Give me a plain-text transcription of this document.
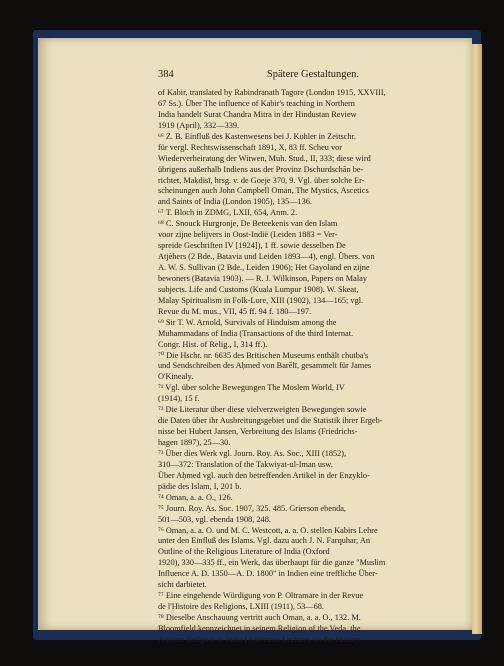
384	Spätere Gestaltungen.
of Kabir, translated by Rabindranath Tagore (London 1915, XXVIII,
67 Ss.). Über The influence of Kabir's teaching in Northern
India handelt Surat Chandra Mitra in der Hindustan Review
1919 (April), 332—339.
⁶⁶ Z. B. Einfluß des Kastenwesens bei J. Kohler in Zeitschr.
für vergl. Rechtswissenschaft 1891, X, 83 ff. Scheu vor
Wiederverheiratung der Witwen, Muh. Stud., II, 333; diese wird
übrigens außerhalb Indiens aus der Provinz Dschurdschān be-
richtet, Maḳdisī, hrsg. v. de Goeje 370, 9. Vgl. über solche Er-
scheinungen auch John Campbell Oman, The Mystics, Ascetics
and Saints of India (London 1905), 135—136.
⁶⁷ T. Bloch in ZDMG, LXII, 654, Anm. 2.
⁶⁸ C. Snouck Hurgronje, De Beteekenis van den Islam
voor zijne belijvers in Oost-Indië (Leiden 1883 = Ver-
spreide Geschriften IV [1924]), 1 ff. sowie desselben De
Atjèhers (2 Bde., Batavia und Leiden 1893—4), engl. Übers. von
A. W. S. Sullivan (2 Bde., Leiden 1906); Het Gayoland en zijne
bewoners (Batavia 1903). — R. J. Wilkinson, Papers on Malay
subjects. Life and Customs (Kuala Lumpur 1908). W. Skeat,
Malay Spiritualism in Folk-Lore, XIII (1902), 134—165; vgl.
Revue du M. mus., VII, 45 ff. 94 f. 180—197.
⁶⁹ Sir T. W. Arnold, Survivals of Hinduism among the
Muhammadans of India (Transactions of the third Internat.
Congr. Hist. of Relig., I, 314 ff.).
⁷⁰ Die Hschr. nr. 6635 des Britischen Museums enthält chutba's
und Sendschreiben des Aḥmed von Barēlī, gesammelt für James
O'Kinealy.
⁷¹ Vgl. über solche Bewegungen The Moslem World, IV
(1914), 15 f.
⁷² Die Literatur über diese vielverzweigten Bewegungen sowie
die Daten über ihr Ausbreitungsgebiet und die Statistik ihrer Ergeb-
nisse bei Hubert Jansen, Verbreitung des Islams (Friedrichs-
hagen 1897), 25—30.
⁷³ Über dies Werk vgl. Journ. Roy. As. Soc., XIII (1852),
310—372: Translation of the Takwiyat-ul-Iman usw.
Über Aḥmed vgl. auch den betreffenden Artikel in der Enzyklo-
pädie des Islam, I, 201 b.
⁷⁴ Oman, a. a. O., 126.
⁷⁵ Journ. Roy. As. Soc. 1907, 325. 485. Grierson ebenda,
501—503, vgl. ebenda 1908, 248.
⁷⁶ Oman, a. a. O. und M. C. Westcott, a. a. O. stellen Kabirs Lehre
unter den Einfluß des Islams. Vgl. dazu auch J. N. Farquhar, An
Outline of the Religious Literature of India (Oxford
1920), 330—335 ff., ein Werk, das überhaupt für die ganze "Muslim
Influence A. D. 1350—A. D. 1800" in Indien eine treffliche Über-
sicht darbietet.
⁷⁷ Eine eingehende Würdigung von P. Oltramare in der Revue
de l'Histoire des Religions, LXIII (1911), 53—68.
⁷⁸ Dieselbe Anschauung vertritt auch Oman, a. a. O., 132. M.
Bloomfield kennzeichnet in seinem Religion of the Veda, the
Ancient Religion in India (American Lectures on the History
